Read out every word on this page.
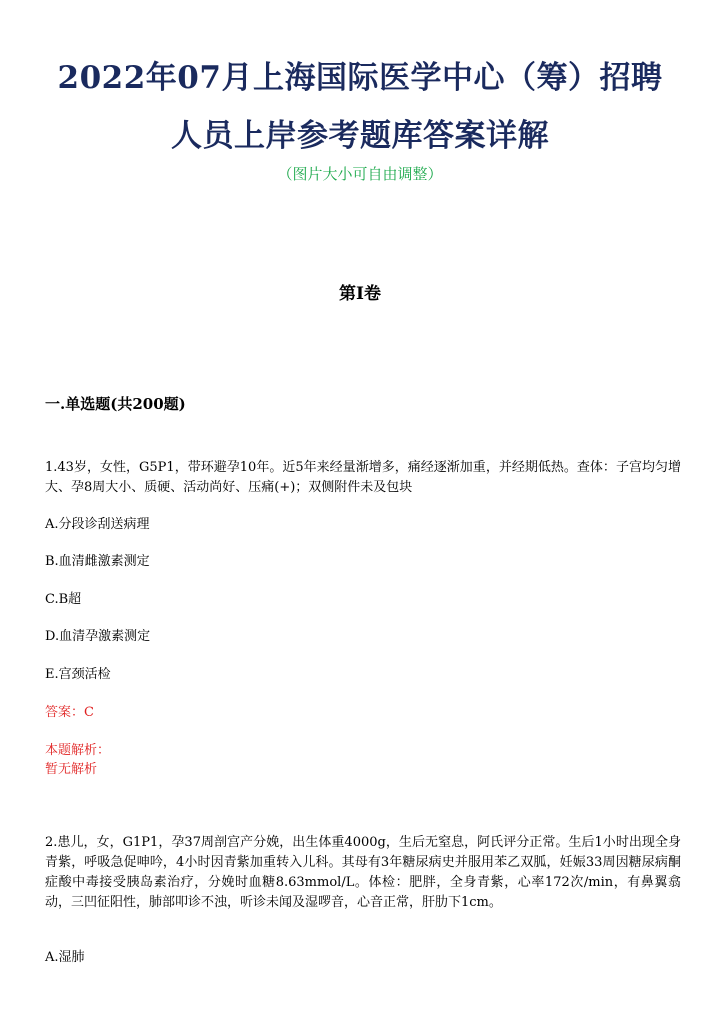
2022年07月上海国际医学中心（筹）招聘
人员上岸参考题库答案详解
（图片大小可自由调整）
第Ⅰ卷
一.单选题(共200题)
1.43岁，女性，G5P1，带环避孕10年。近5年来经量渐增多，痛经逐渐加重，并经期低热。查体：子宫均匀增大、孕8周大小、质硬、活动尚好、压痛(+)；双侧附件未及包块
A.分段诊刮送病理
B.血清雌激素测定
C.B超
D.血清孕激素测定
E.宫颈活检
答案：C
本题解析：
暂无解析
2.患儿，女，G1P1，孕37周剖宫产分娩，出生体重4000g，生后无窒息，阿氏评分正常。生后1小时出现全身青紫，呼吸急促呻吟，4小时因青紫加重转入儿科。其母有3年糖尿病史并服用苯乙双胍，妊娠33周因糖尿病酮症酸中毒接受胰岛素治疗，分娩时血糖8.63mmol/L。体检：肥胖，全身青紫，心率172次/min，有鼻翼翕动，三凹征阳性，肺部叩诊不浊，听诊未闻及湿啰音，心音正常，肝肋下1cm。
A.湿肺
